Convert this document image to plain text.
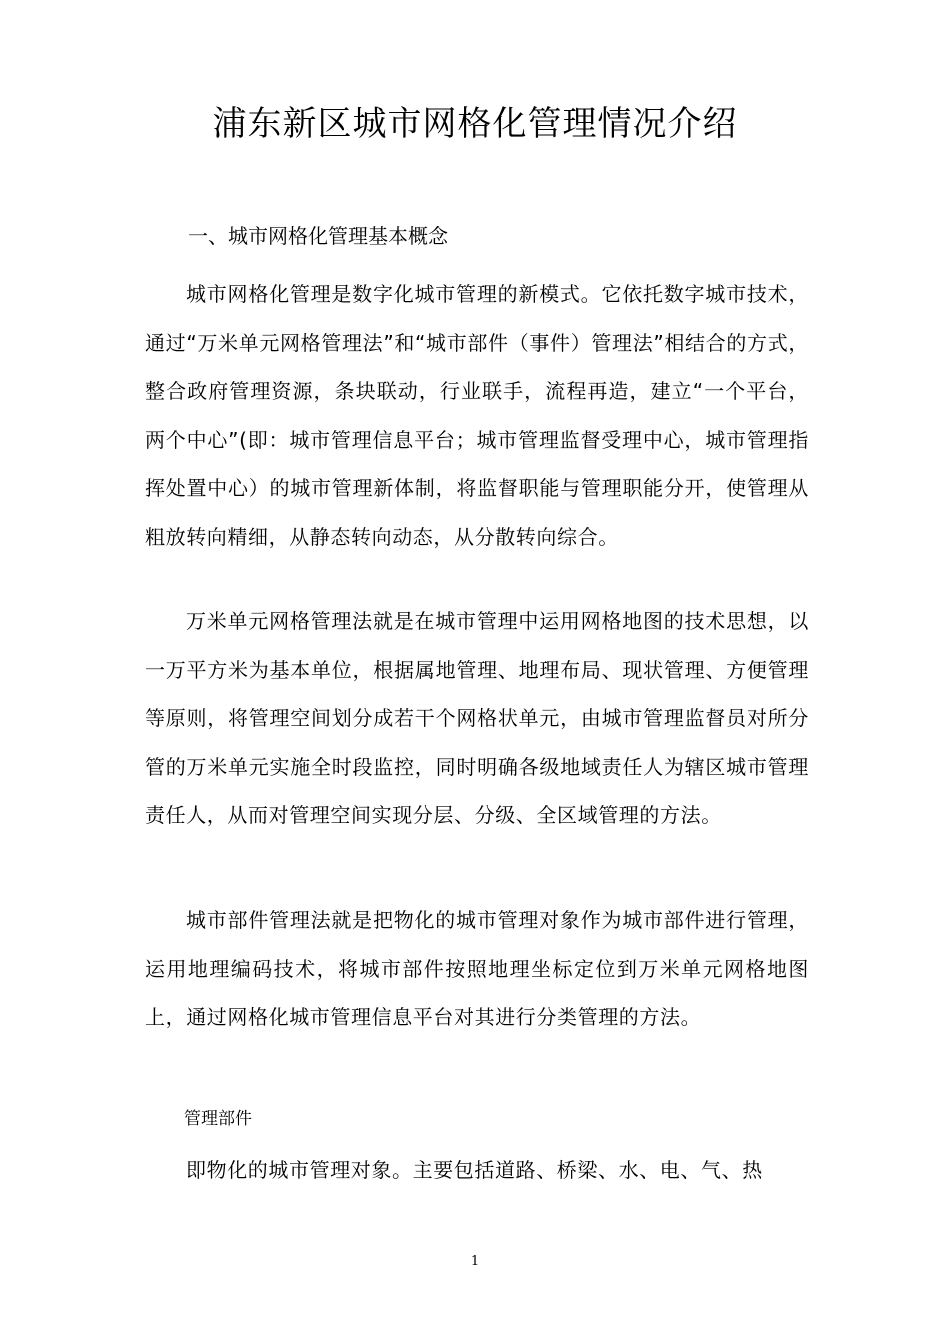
浦东新区城市网格化管理情况介绍
一、城市网格化管理基本概念

城市网格化管理是数字化城市管理的新模式。它依托数字城市技术，通过“万米单元网格管理法”和“城市部件（事件）管理法”相结合的方式，整合政府管理资源，条块联动，行业联手，流程再造，建立“一个平台，两个中心”(即：城市管理信息平台；城市管理监督受理中心，城市管理指挥处置中心）的城市管理新体制，将监督职能与管理职能分开，使管理从粗放转向精细，从静态转向动态，从分散转向综合。

万米单元网格管理法就是在城市管理中运用网格地图的技术思想，以一万平方米为基本单位，根据属地管理、地理布局、现状管理、方便管理等原则，将管理空间划分成若干个网格状单元，由城市管理监督员对所分管的万米单元实施全时段监控，同时明确各级地域责任人为辖区城市管理责任人，从而对管理空间实现分层、分级、全区域管理的方法。

城市部件管理法就是把物化的城市管理对象作为城市部件进行管理，运用地理编码技术，将城市部件按照地理坐标定位到万米单元网格地图上，通过网格化城市管理信息平台对其进行分类管理的方法。

管理部件

即物化的城市管理对象。主要包括道路、桥梁、水、电、气、热

1
